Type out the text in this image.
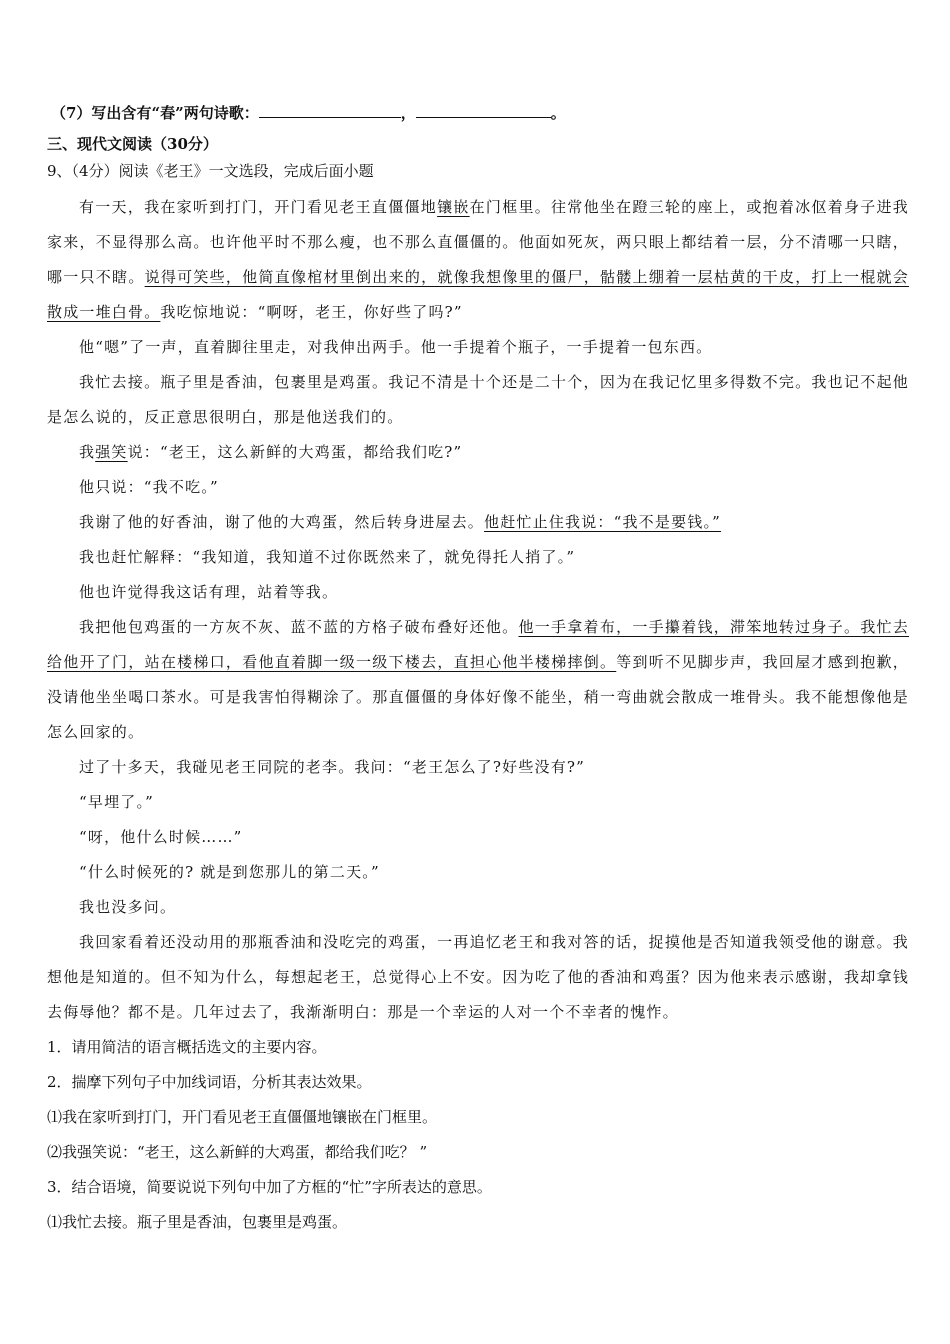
（7）写出含有“春”两句诗歌：	，	。
三、现代文阅读（30分）
9、（4分）阅读《老王》一文选段，完成后面小题

有一天，我在家听到打门，开门看见老王直僵僵地镶嵌在门框里。往常他坐在蹬三轮的座上，或抱着冰伛着身子进我家来，不显得那么高。也许他平时不那么瘦，也不那么直僵僵的。他面如死灰，两只眼上都结着一层，分不清哪一只瞎，哪一只不瞎。说得可笑些，他简直像棺材里倒出来的，就像我想像里的僵尸，骷髅上绷着一层枯黄的干皮，打上一棍就会散成一堆白骨。我吃惊地说：“啊呀，老王，你好些了吗?”

他“嗯”了一声，直着脚往里走，对我伸出两手。他一手提着个瓶子，一手提着一包东西。

我忙去接。瓶子里是香油，包裹里是鸡蛋。我记不清是十个还是二十个，因为在我记忆里多得数不完。我也记不起他是怎么说的，反正意思很明白，那是他送我们的。

我强笑说：“老王，这么新鲜的大鸡蛋，都给我们吃?”

他只说：“我不吃。”

我谢了他的好香油，谢了他的大鸡蛋，然后转身进屋去。他赶忙止住我说：“我不是要钱。”

我也赶忙解释：“我知道，我知道不过你既然来了，就免得托人捎了。”

他也许觉得我这话有理，站着等我。

我把他包鸡蛋的一方灰不灰、蓝不蓝的方格子破布叠好还他。他一手拿着布，一手攥着钱，滞笨地转过身子。我忙去给他开了门，站在楼梯口，看他直着脚一级一级下楼去，直担心他半楼梯摔倒。等到听不见脚步声，我回屋才感到抱歉，没请他坐坐喝口茶水。可是我害怕得糊涂了。那直僵僵的身体好像不能坐，稍一弯曲就会散成一堆骨头。我不能想像他是怎么回家的。

过了十多天，我碰见老王同院的老李。我问：“老王怎么了?好些没有?”

“早埋了。”

“呀，他什么时候……”

“什么时候死的? 就是到您那儿的第二天。”

我也没多问。

我回家看着还没动用的那瓶香油和没吃完的鸡蛋，一再追忆老王和我对答的话，捉摸他是否知道我领受他的谢意。我想他是知道的。但不知为什么，每想起老王，总觉得心上不安。因为吃了他的香油和鸡蛋？因为他来表示感谢，我却拿钱去侮辱他？都不是。几年过去了，我渐渐明白：那是一个幸运的人对一个不幸者的愧怍。

1．请用简洁的语言概括选文的主要内容。

2．揣摩下列句子中加线词语，分析其表达效果。

⑴我在家听到打门，开门看见老王直僵僵地镶嵌在门框里。

⑵我强笑说：“老王，这么新鲜的大鸡蛋，都给我们吃？ ”

3．结合语境，简要说说下列句中加了方框的“忙”字所表达的意思。

⑴我忙去接。瓶子里是香油，包裹里是鸡蛋。
